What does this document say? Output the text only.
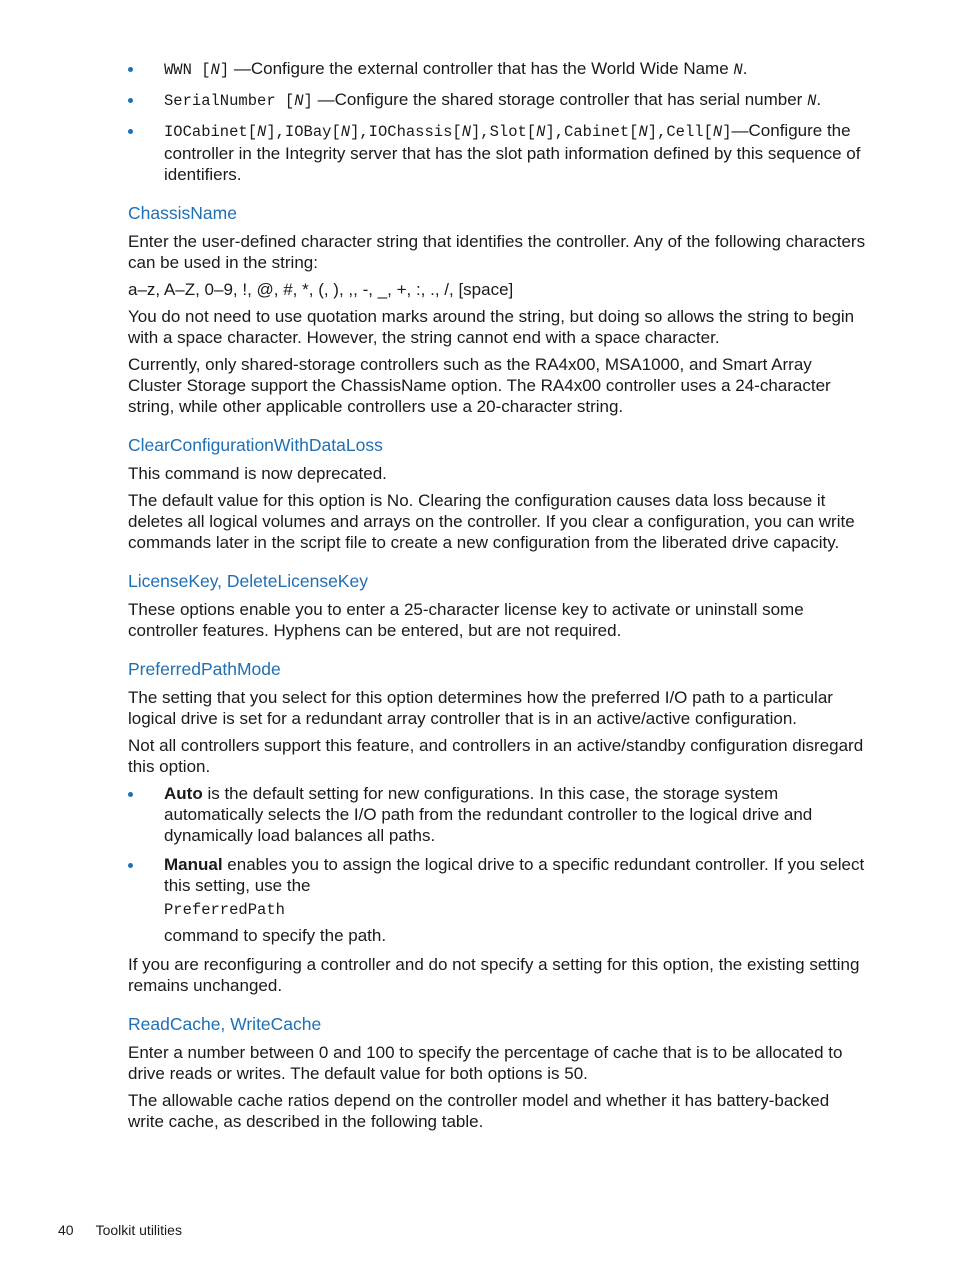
WWN [N] —Configure the external controller that has the World Wide Name N.
SerialNumber [N] —Configure the shared storage controller that has serial number N.
IOCabinet[N],IOBay[N],IOChassis[N],Slot[N],Cabinet[N],Cell[N]—Configure the controller in the Integrity server that has the slot path information defined by this sequence of identifiers.
ChassisName

Enter the user-defined character string that identifies the controller. Any of the following characters can be used in the string:

a–z, A–Z, 0–9, !, @, #, *, (, ), ,, -, _, +, :, ., /, [space]

You do not need to use quotation marks around the string, but doing so allows the string to begin with a space character. However, the string cannot end with a space character.

Currently, only shared-storage controllers such as the RA4x00, MSA1000, and Smart Array Cluster Storage support the ChassisName option. The RA4x00 controller uses a 24-character string, while other applicable controllers use a 20-character string.

ClearConfigurationWithDataLoss

This command is now deprecated.

The default value for this option is No. Clearing the configuration causes data loss because it deletes all logical volumes and arrays on the controller. If you clear a configuration, you can write commands later in the script file to create a new configuration from the liberated drive capacity.

LicenseKey, DeleteLicenseKey

These options enable you to enter a 25-character license key to activate or uninstall some controller features. Hyphens can be entered, but are not required.

PreferredPathMode

The setting that you select for this option determines how the preferred I/O path to a particular logical drive is set for a redundant array controller that is in an active/active configuration.

Not all controllers support this feature, and controllers in an active/standby configuration disregard this option.

Auto is the default setting for new configurations. In this case, the storage system automatically selects the I/O path from the redundant controller to the logical drive and dynamically load balances all paths.
Manual enables you to assign the logical drive to a specific redundant controller. If you select this setting, use the
PreferredPath
command to specify the path.

If you are reconfiguring a controller and do not specify a setting for this option, the existing setting remains unchanged.

ReadCache, WriteCache

Enter a number between 0 and 100 to specify the percentage of cache that is to be allocated to drive reads or writes. The default value for both options is 50.

The allowable cache ratios depend on the controller model and whether it has battery-backed write cache, as described in the following table.

40 Toolkit utilities
